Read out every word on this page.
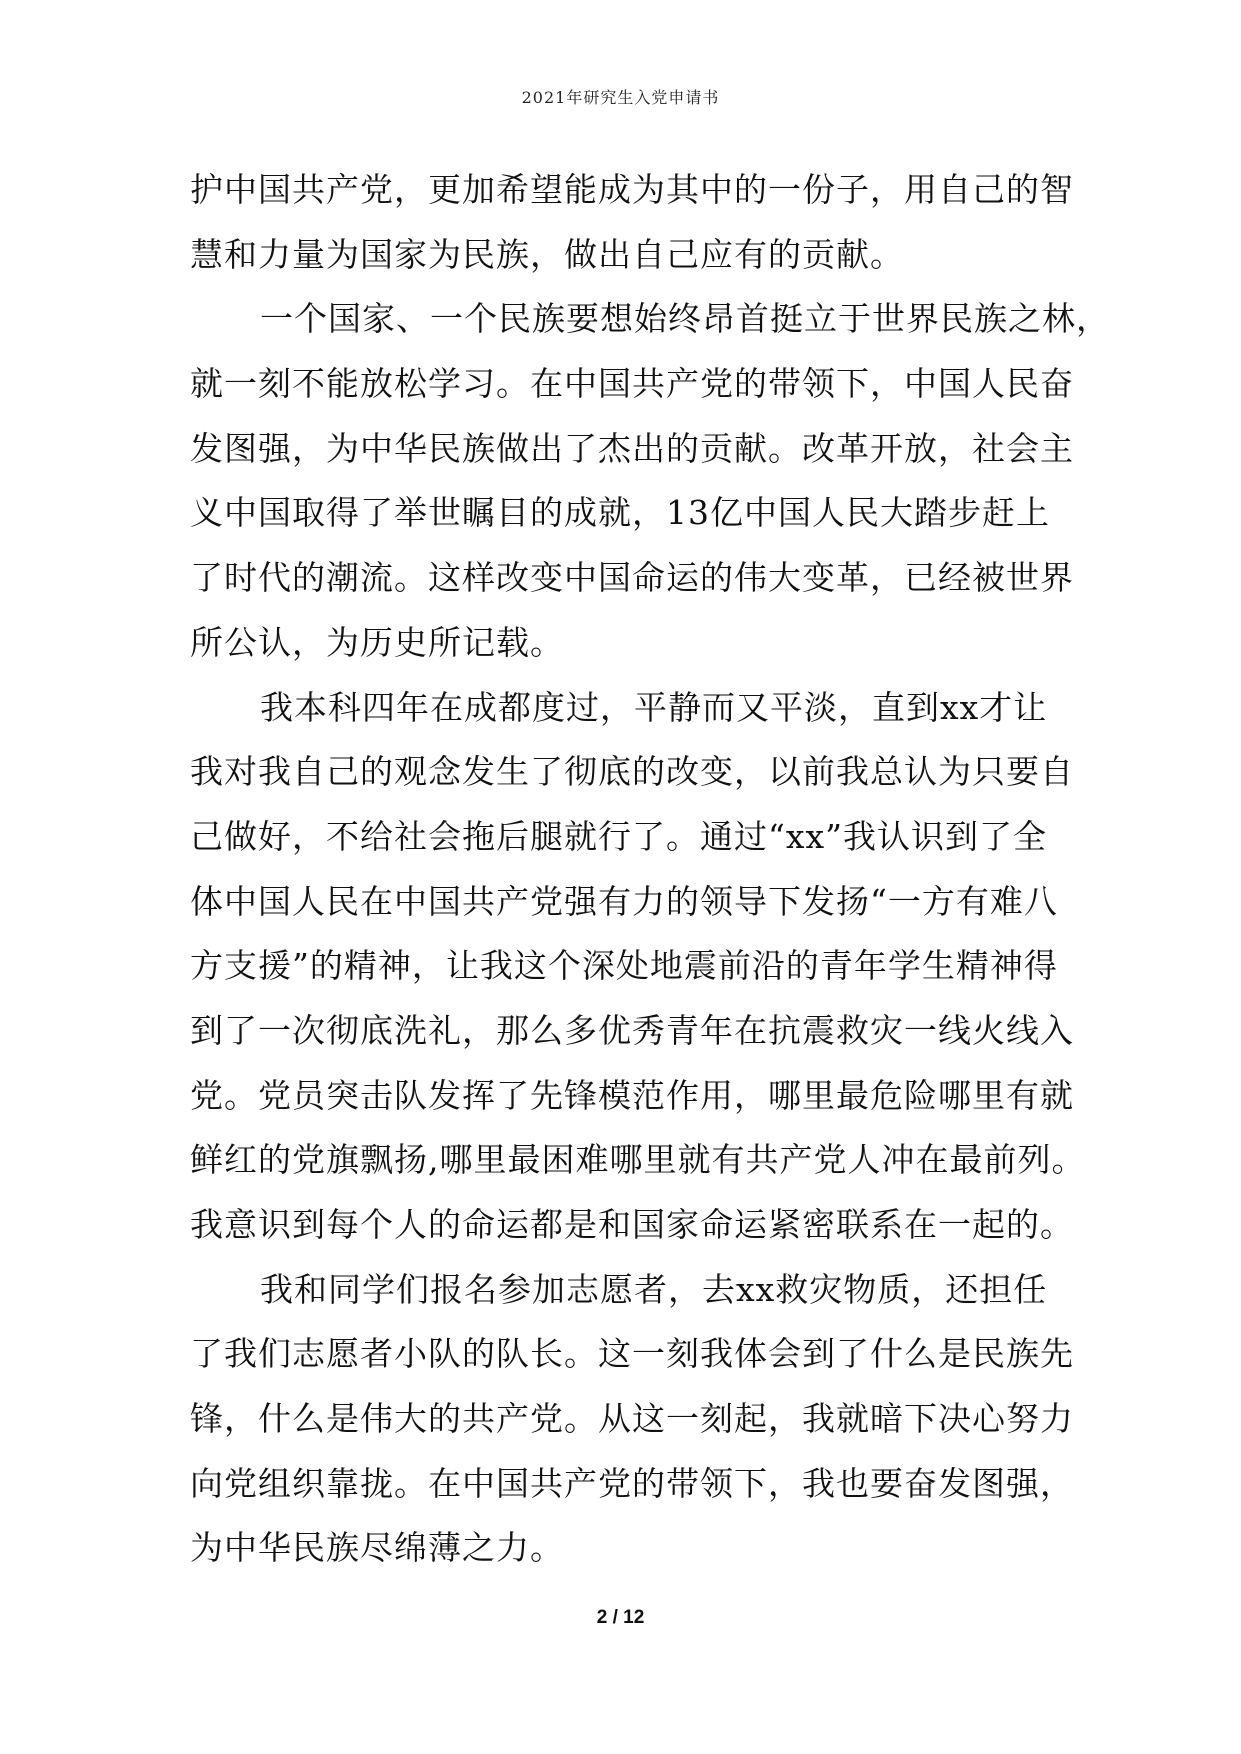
2021年研究生入党申请书
护中国共产党，更加希望能成为其中的一份子，用自己的智
慧和力量为国家为民族，做出自己应有的贡献。
一个国家、一个民族要想始终昂首挺立于世界民族之林，
就一刻不能放松学习。在中国共产党的带领下，中国人民奋
发图强，为中华民族做出了杰出的贡献。改革开放，社会主
义中国取得了举世瞩目的成就，13亿中国人民大踏步赶上
了时代的潮流。这样改变中国命运的伟大变革，已经被世界
所公认，为历史所记载。
我本科四年在成都度过，平静而又平淡，直到xx才让
我对我自己的观念发生了彻底的改变，以前我总认为只要自
己做好，不给社会拖后腿就行了。通过“xx”我认识到了全
体中国人民在中国共产党强有力的领导下发扬“一方有难八
方支援”的精神，让我这个深处地震前沿的青年学生精神得
到了一次彻底洗礼，那么多优秀青年在抗震救灾一线火线入
党。党员突击队发挥了先锋模范作用，哪里最危险哪里有就
鲜红的党旗飘扬,哪里最困难哪里就有共产党人冲在最前列。
我意识到每个人的命运都是和国家命运紧密联系在一起的。
我和同学们报名参加志愿者，去xx救灾物质，还担任
了我们志愿者小队的队长。这一刻我体会到了什么是民族先
锋，什么是伟大的共产党。从这一刻起，我就暗下决心努力
向党组织靠拢。在中国共产党的带领下，我也要奋发图强，
为中华民族尽绵薄之力。
2 / 12
